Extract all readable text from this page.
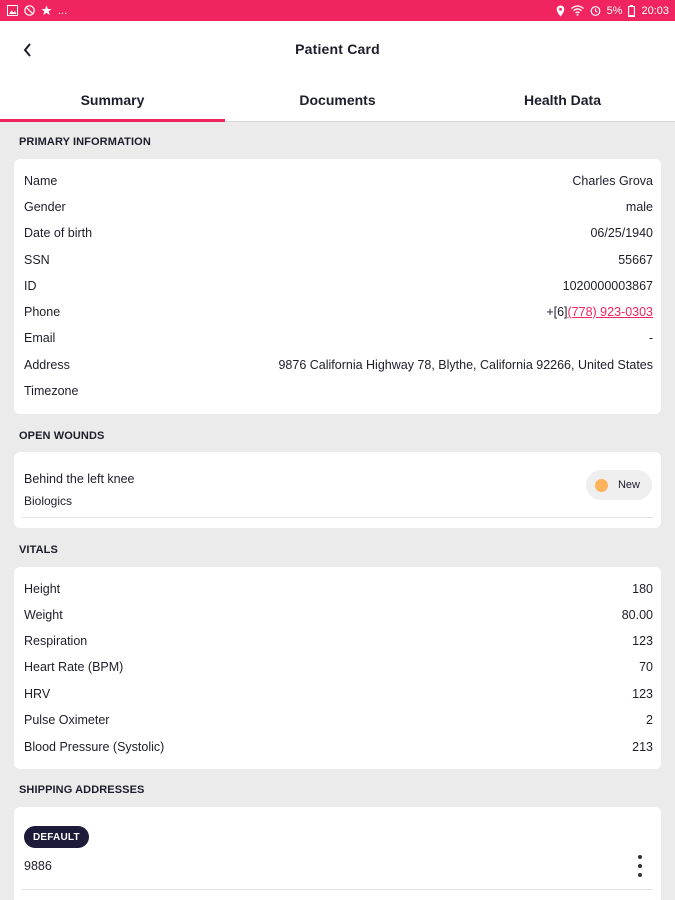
...	5% 20:03
Patient Card
Summary	Documents	Health Data
PRIMARY INFORMATION
Name	Charles Grova
Gender	male
Date of birth	06/25/1940
SSN	55667
ID	1020000003867
Phone	+[6](778) 923-0303
Email	-
Address	9876 California Highway 78, Blythe, California 92266, United States
Timezone
OPEN WOUNDS
Behind the left knee
Biologics
New
VITALS
Height	180
Weight	80.00
Respiration	123
Heart Rate (BPM)	70
HRV	123
Pulse Oximeter	2
Blood Pressure (Systolic)	213
SHIPPING ADDRESSES
DEFAULT
9886
